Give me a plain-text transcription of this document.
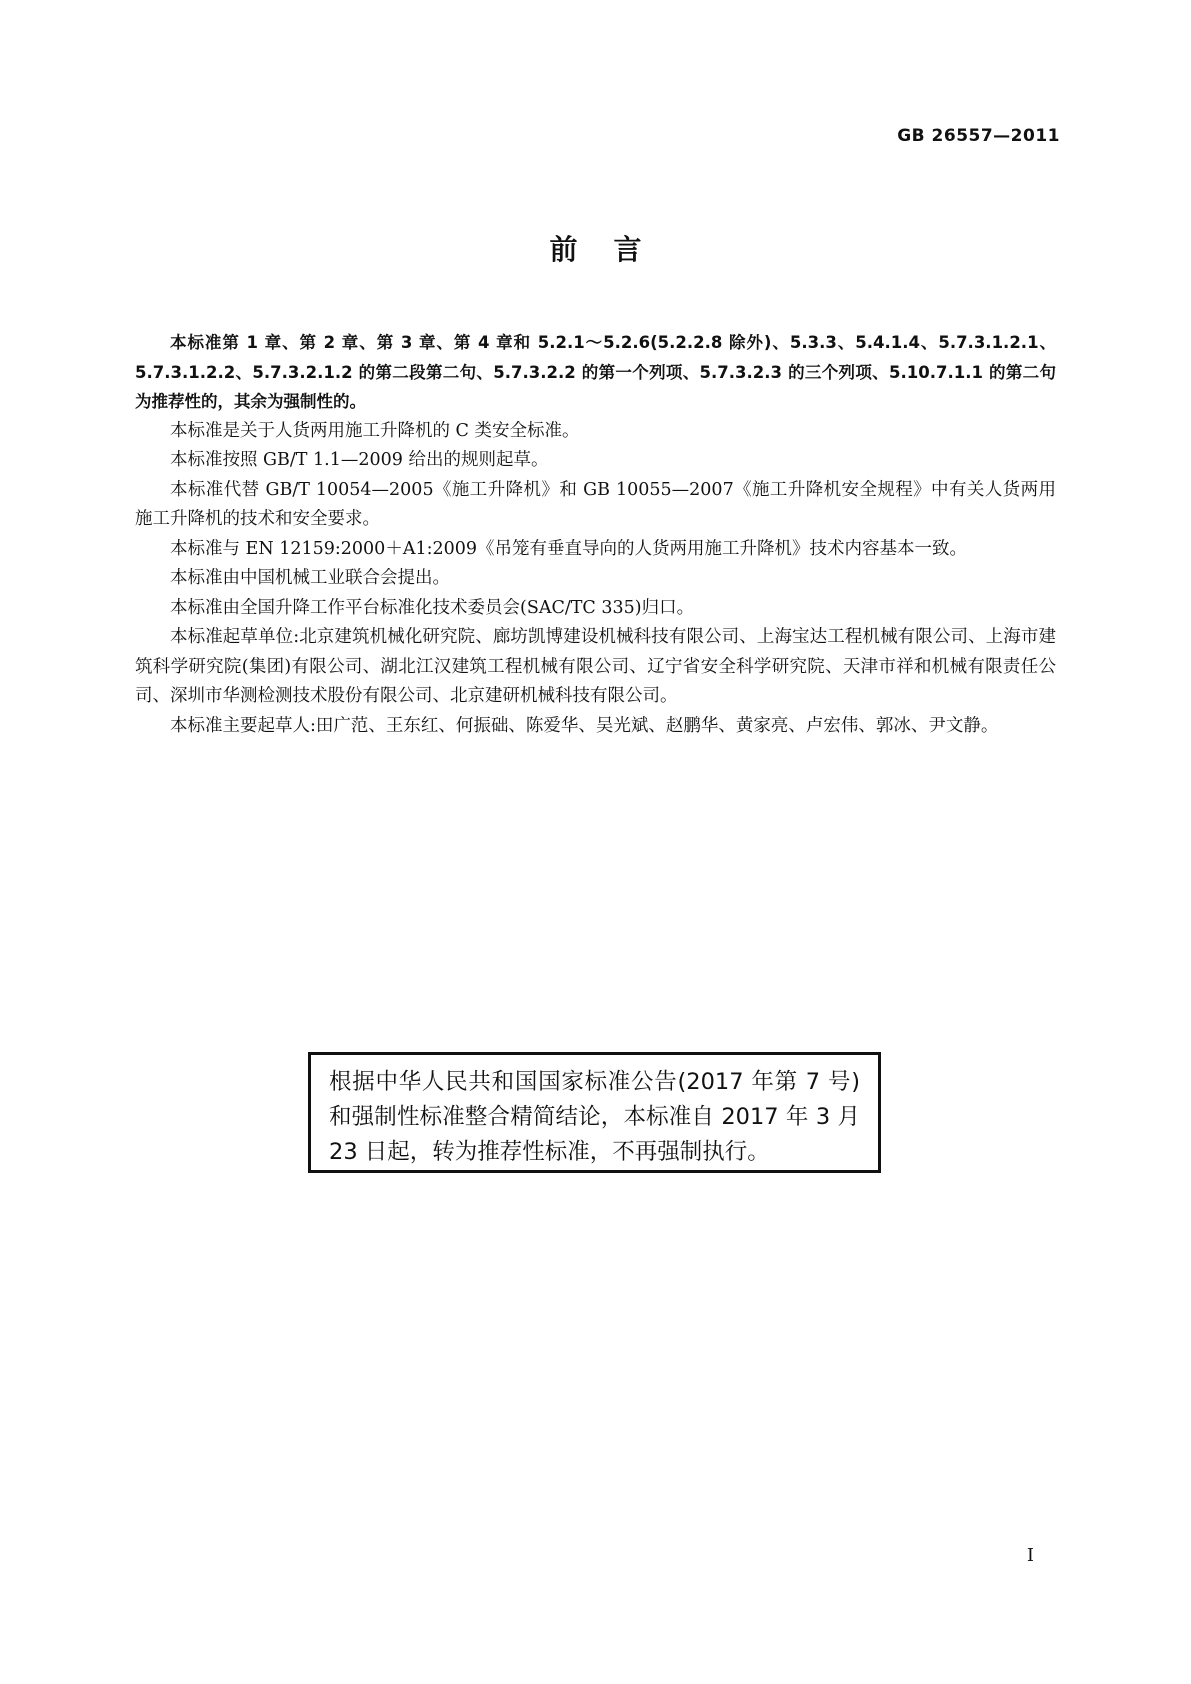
GB 26557—2011
前言

本标准第 1 章、第 2 章、第 3 章、第 4 章和 5.2.1～5.2.6(5.2.2.8 除外)、5.3.3、5.4.1.4、5.7.3.1.2.1、5.7.3.1.2.2、5.7.3.2.1.2 的第二段第二句、5.7.3.2.2 的第一个列项、5.7.3.2.3 的三个列项、5.10.7.1.1 的第二句为推荐性的，其余为强制性的。

本标准是关于人货两用施工升降机的 C 类安全标准。

本标准按照 GB/T 1.1—2009 给出的规则起草。

本标准代替 GB/T 10054—2005《施工升降机》和 GB 10055—2007《施工升降机安全规程》中有关人货两用施工升降机的技术和安全要求。

本标准与 EN 12159:2000＋A1:2009《吊笼有垂直导向的人货两用施工升降机》技术内容基本一致。

本标准由中国机械工业联合会提出。

本标准由全国升降工作平台标准化技术委员会(SAC/TC 335)归口。

本标准起草单位:北京建筑机械化研究院、廊坊凯博建设机械科技有限公司、上海宝达工程机械有限公司、上海市建筑科学研究院(集团)有限公司、湖北江汉建筑工程机械有限公司、辽宁省安全科学研究院、天津市祥和机械有限责任公司、深圳市华测检测技术股份有限公司、北京建研机械科技有限公司。

本标准主要起草人:田广范、王东红、何振础、陈爱华、吴光斌、赵鹏华、黄家亮、卢宏伟、郭冰、尹文静。

根据中华人民共和国国家标准公告(2017 年第 7 号)和强制性标准整合精简结论，本标准自 2017 年 3 月 23 日起，转为推荐性标准，不再强制执行。
I
